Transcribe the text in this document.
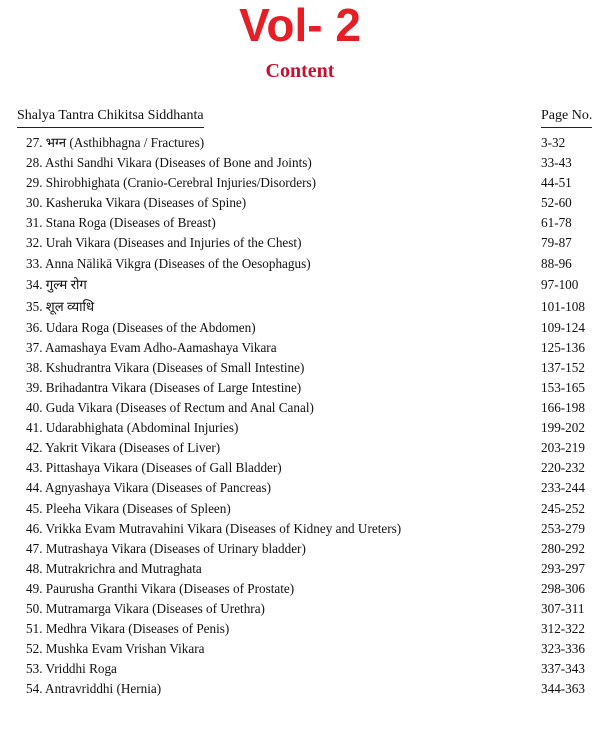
Vol- 2
Content
Shalya Tantra Chikitsa Siddhanta	Page No.
27. भग्न (Asthibhagna / Fractures)	3-32
28. Asthi Sandhi Vikara (Diseases of Bone and Joints)	33-43
29. Shirobhighata (Cranio-Cerebral Injuries/Disorders)	44-51
30. Kasheruka Vikara (Diseases of Spine)	52-60
31. Stana Roga (Diseases of Breast)	61-78
32. Urah Vikara (Diseases and Injuries of the Chest)	79-87
33. Anna Nālikā Vikgra (Diseases of the Oesophagus)	88-96
34. गुल्म रोग	97-100
35. शूल व्याधि	101-108
36. Udara Roga (Diseases of the Abdomen)	109-124
37. Aamashaya Evam Adho-Aamashaya Vikara	125-136
38. Kshudrantra Vikara (Diseases of Small Intestine)	137-152
39. Brihadantra Vikara (Diseases of Large Intestine)	153-165
40. Guda Vikara (Diseases of Rectum and Anal Canal)	166-198
41. Udarabhighata (Abdominal Injuries)	199-202
42. Yakrit Vikara (Diseases of Liver)	203-219
43. Pittashaya Vikara (Diseases of Gall Bladder)	220-232
44. Agnyashaya Vikara (Diseases of Pancreas)	233-244
45. Pleeha Vikara (Diseases of Spleen)	245-252
46. Vrikka Evam Mutravahini Vikara (Diseases of Kidney and Ureters)	253-279
47. Mutrashaya Vikara (Diseases of Urinary bladder)	280-292
48. Mutrakrichra and Mutraghata	293-297
49. Paurusha Granthi Vikara (Diseases of Prostate)	298-306
50. Mutramarga Vikara (Diseases of Urethra)	307-311
51. Medhra Vikara (Diseases of Penis)	312-322
52. Mushka Evam Vrishan Vikara	323-336
53. Vriddhi Roga	337-343
54. Antravriddhi (Hernia)	344-363
